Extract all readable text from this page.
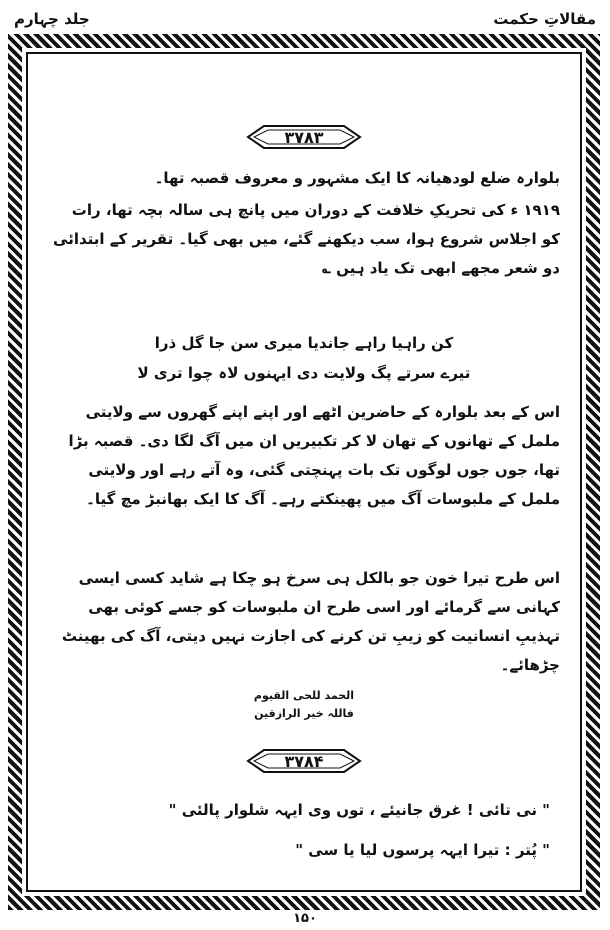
مقالاتِ حکمت
جلد چہارم
۳۷۸۳
بلوارہ ضلع لودھیانہ کا ایک مشہور و معروف قصبہ تھا۔
۱۹۱۹ ء کی تحریکِ خلافت کے دوران میں پانچ ہی سالہ بچہ تھا، رات کو اجلاس شروع ہوا، سب دیکھنے گئے، میں بھی گیا۔ تقریر کے ابتدائی دو شعر مجھے ابھی تک یاد ہیں ؎
کن راہیا راہے جاندیا میری سن جا گل ذرا
تیرے سرتے پگ ولایت دی ایہنوں لاہ چوا تری لا
اس کے بعد بلوارہ کے حاضرین اٹھے اور اپنے اپنے گھروں سے ولایتی ململ کے تھانوں کے تھان لا کر تکبیریں ان میں آگ لگا دی۔ قصبہ بڑا تھا، جوں جوں لوگوں تک بات پہنچتی گئی، وہ آتے رہے اور ولایتی ململ کے ملبوسات آگ میں پھینکتے رہے۔ آگ کا ایک بھانبڑ مچ گیا۔
اس طرح تیرا خون جو بالکل ہی سرخ ہو چکا ہے شاید کسی ایسی کہانی سے گرمائے اور اسی طرح ان ملبوسات کو جسے کوئی بھی تہذیبِ انسانیت کو زیبِ تن کرنے کی اجازت نہیں دیتی، آگ کی بھینٹ چڑھائے۔
الحمد للحی القیوم
فاللہ خیر الرازقین
۳۷۸۴
" نی تائی ! غرق جانیئے ، توں وی ایہہ شلوار پالئی "
" پُتر : تیرا ایہہ پرسوں لیا یا سی "
۱۵۰
